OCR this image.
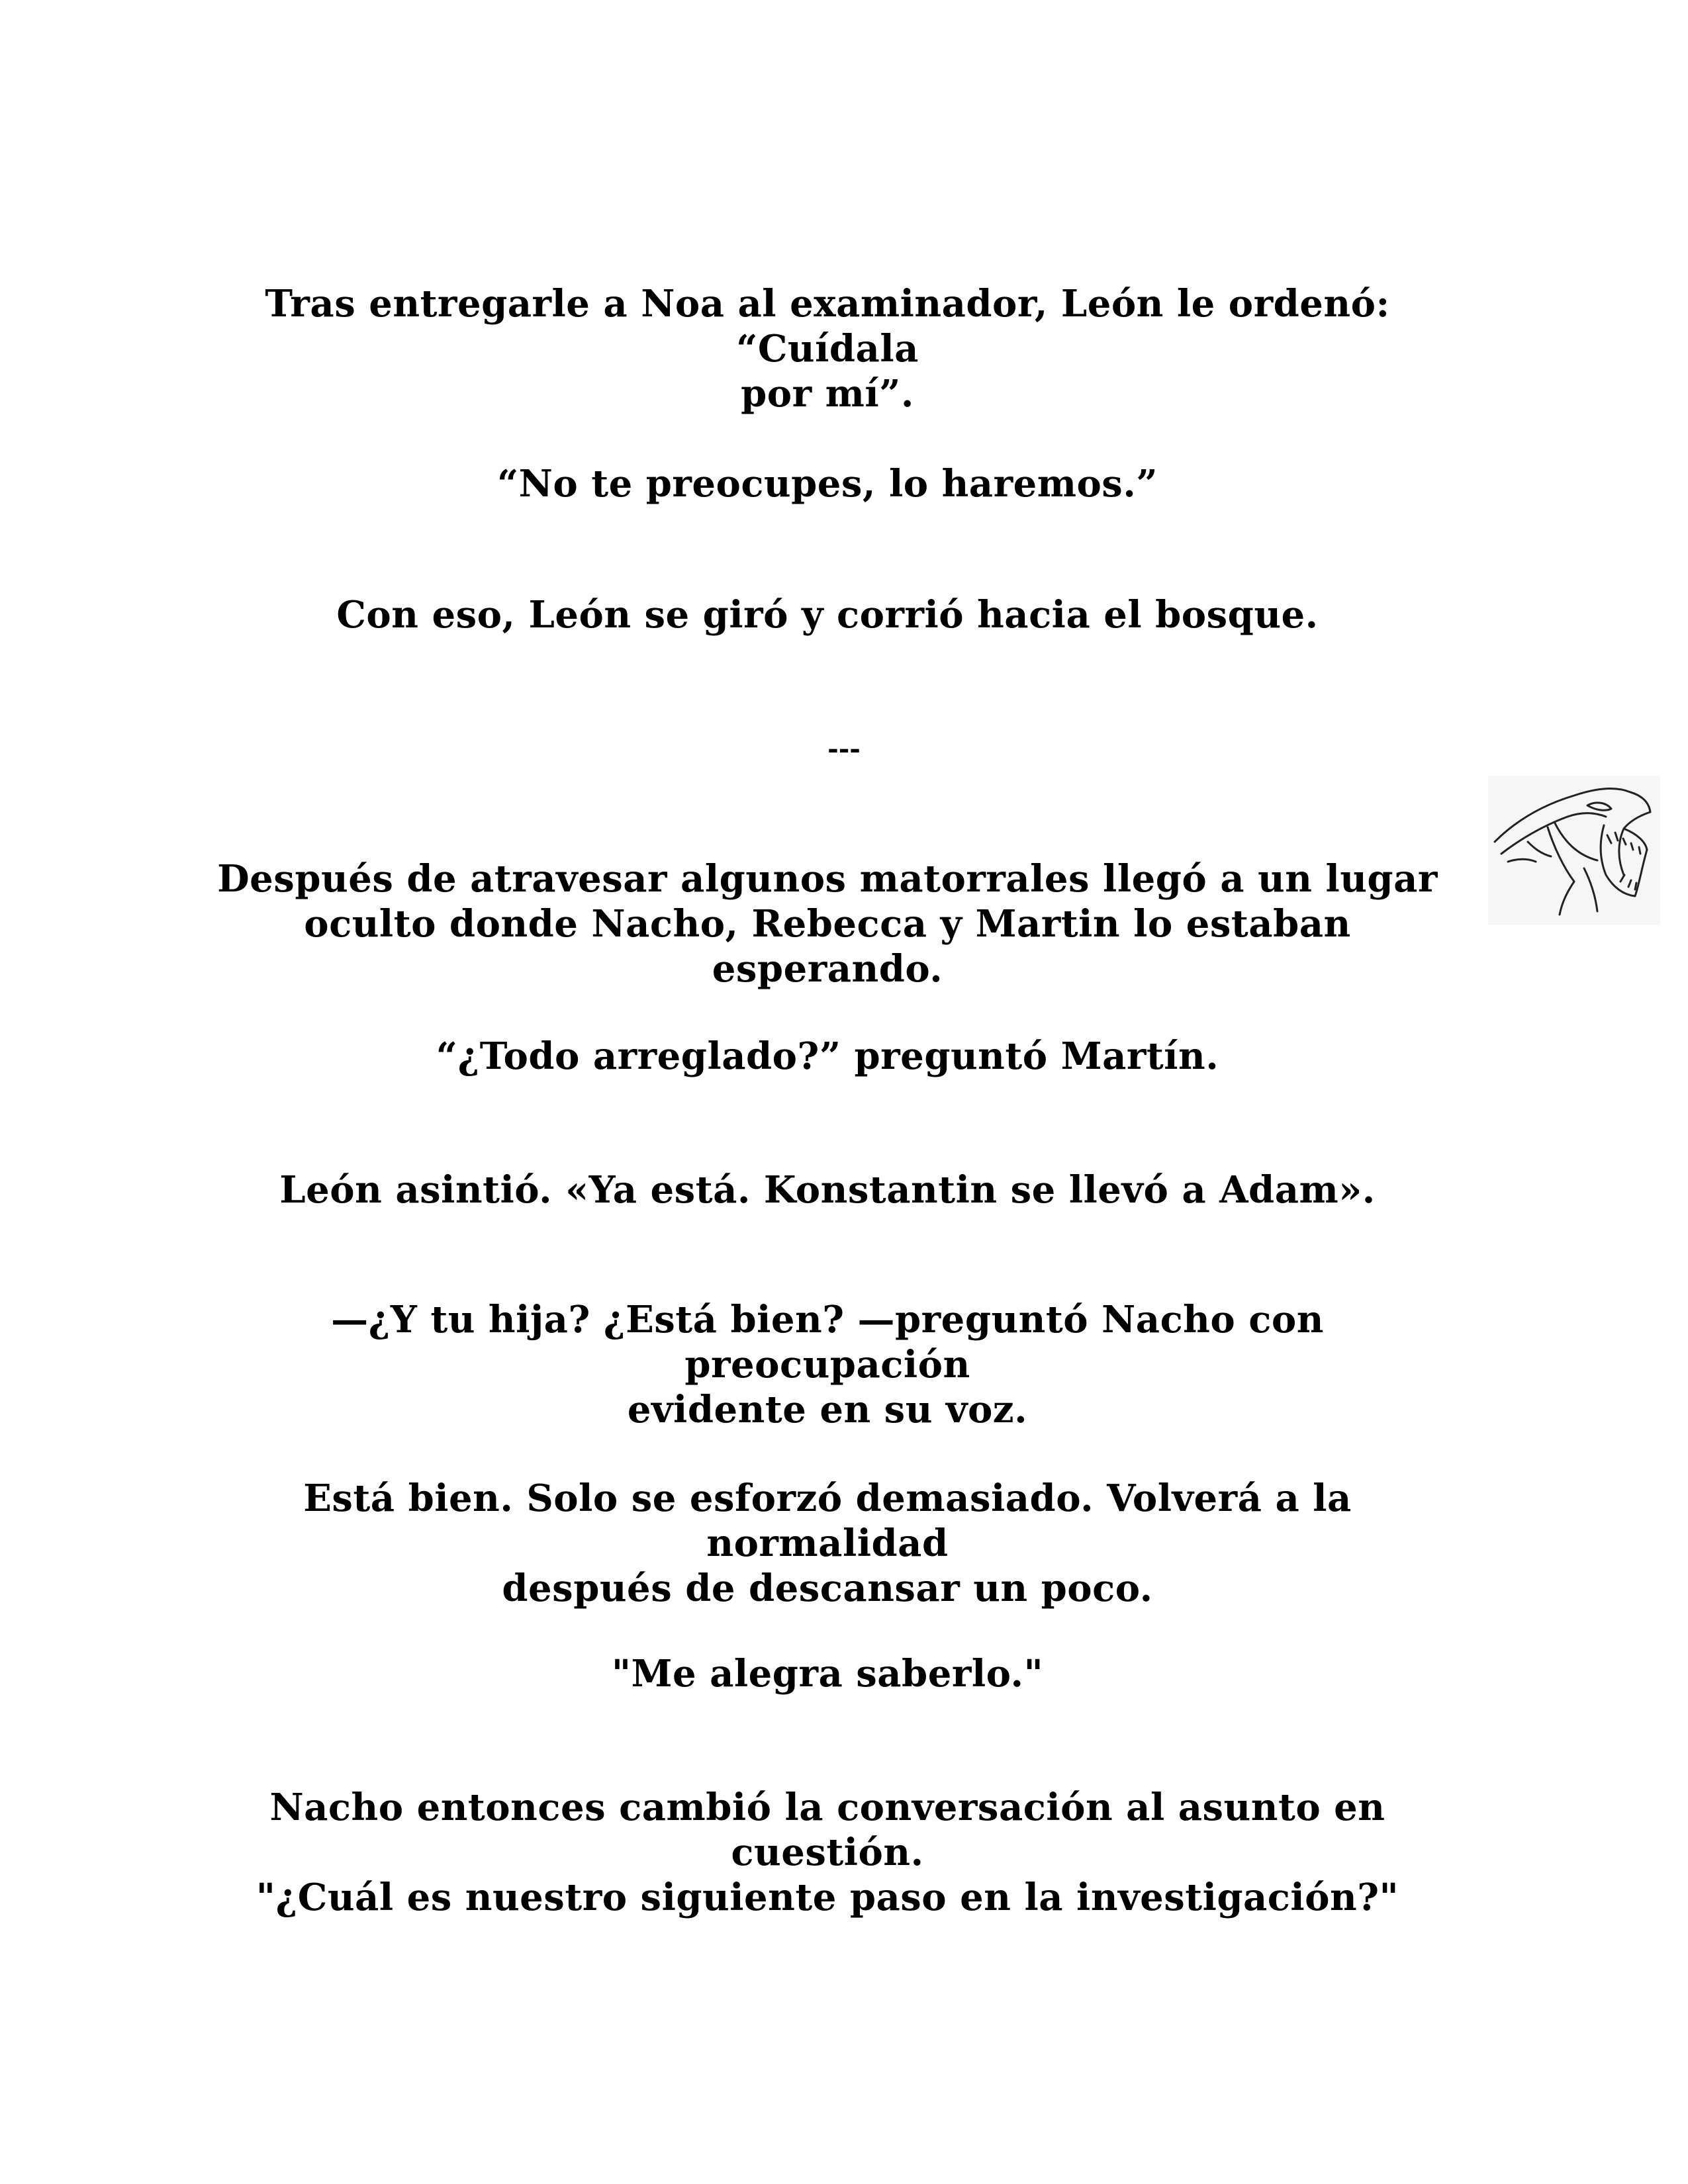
Tras entregarle a Noa al examinador, León le ordenó: “Cuídala
por mí”.
“No te preocupes, lo haremos.”
Con eso, León se giró y corrió hacia el bosque.
---
Después de atravesar algunos matorrales llegó a un lugar
oculto donde Nacho, Rebecca y Martin lo estaban esperando.
“¿Todo arreglado?” preguntó Martín.
León asintió. «Ya está. Konstantin se llevó a Adam».
—¿Y tu hija? ¿Está bien? —preguntó Nacho con preocupación
evidente en su voz.
Está bien. Solo se esforzó demasiado. Volverá a la normalidad
después de descansar un poco.
"Me alegra saberlo."
Nacho entonces cambió la conversación al asunto en cuestión.
"¿Cuál es nuestro siguiente paso en la investigación?"
